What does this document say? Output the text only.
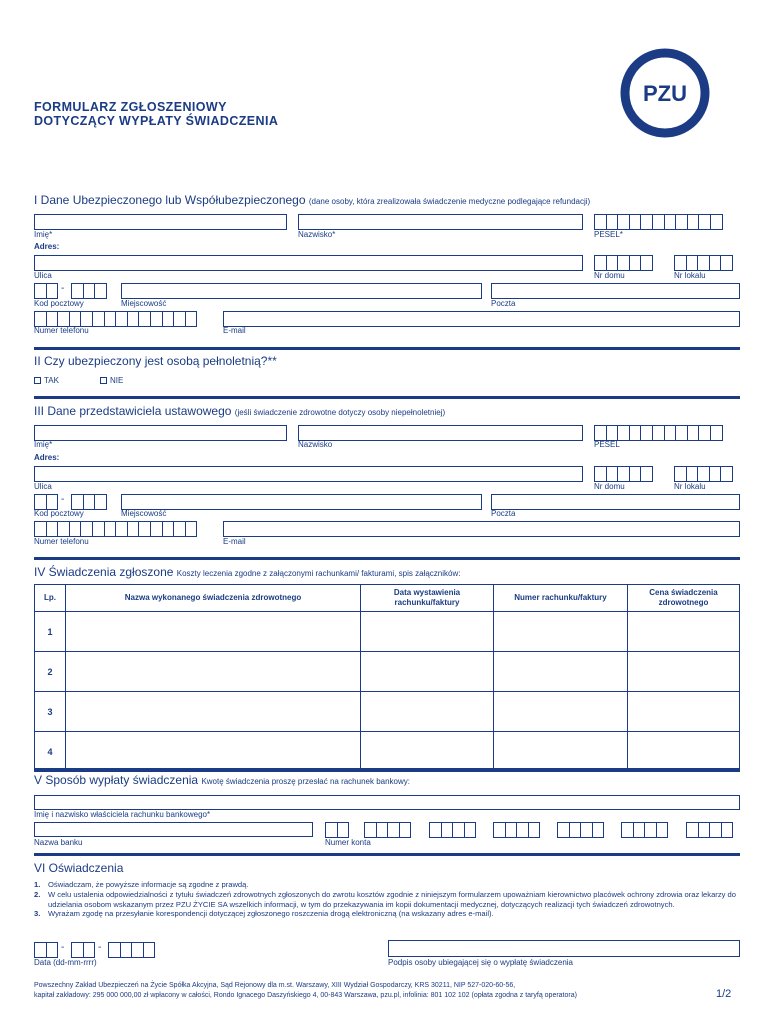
FORMULARZ ZGŁOSZENIOWY
DOTYCZĄCY WYPŁATY ŚWIADCZENIA
PZU
I Dane Ubezpieczonego lub Współubezpieczonego (dane osoby, która zrealizowała świadczenie medyczne podlegające refundacji)
Imię*	Nazwisko*	PESEL*
Adres:
Ulica	Nr domu	Nr lokalu
-
Kod pocztowy	Miejscowość	Poczta
Numer telefonu	E-mail
II Czy ubezpieczony jest osobą pełnoletnią?**
TAK	NIE
III Dane przedstawiciela ustawowego (jeśli świadczenie zdrowotne dotyczy osoby niepełnoletniej)
Imię*	Nazwisko	PESEL
Adres:
Ulica	Nr domu	Nr lokalu
-
Kod pocztowy	Miejscowość	Poczta
Numer telefonu	E-mail
IV Świadczenia zgłoszone Koszty leczenia zgodne z załączonymi rachunkami/ fakturami, spis załączników:
Lp.	Nazwa wykonanego świadczenia zdrowotnego	Data wystawienia rachunku/faktury	Numer rachunku/faktury	Cena świadczenia zdrowotnego
1				
2				
3				
4				
V Sposób wypłaty świadczenia Kwotę świadczenia proszę przesłać na rachunek bankowy:
Imię i nazwisko właściciela rachunku bankowego*
Nazwa banku	Numer konta
VI Oświadczenia
1. Oświadczam, że powyższe informacje są zgodne z prawdą.
2. W celu ustalenia odpowiedzialności z tytułu świadczeń zdrowotnych zgłoszonych do zwrotu kosztów zgodnie z niniejszym formularzem upoważniam kierownictwo placówek ochrony zdrowia oraz lekarzy do udzielania osobom wskazanym przez PZU ŻYCIE SA wszelkich informacji, w tym do przekazywania im kopii dokumentacji medycznej, dotyczących realizacji tych świadczeń zdrowotnych.
3. Wyrażam zgodę na przesyłanie korespondencji dotyczącej zgłoszonego roszczenia drogą elektroniczną (na wskazany adres e-mail).
-	-
Data (dd-mm-rrrr)	Podpis osoby ubiegającej się o wypłatę świadczenia
Powszechny Zakład Ubezpieczeń na Życie Spółka Akcyjna, Sąd Rejonowy dla m.st. Warszawy, XIII Wydział Gospodarczy, KRS 30211, NIP 527-020-60-56,
kapitał zakładowy: 295 000 000,00 zł wpłacony w całości, Rondo Ignacego Daszyńskiego 4, 00-843 Warszawa, pzu.pl, infolinia: 801 102 102 (opłata zgodna z taryfą operatora)	1/2
